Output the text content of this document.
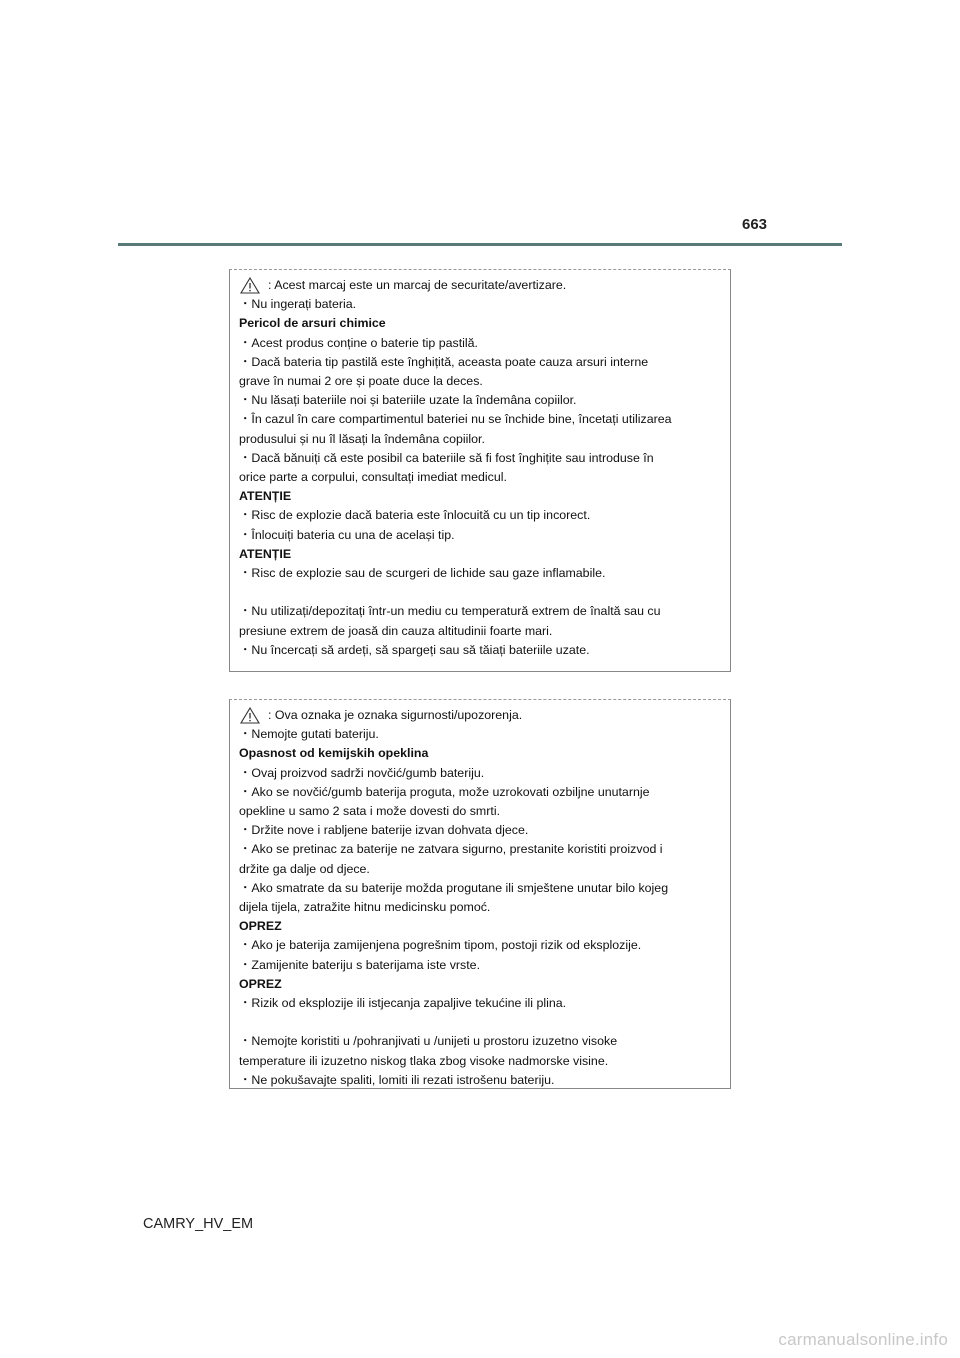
663
: Acest marcaj este un marcaj de securitate/avertizare.
・Nu ingerați bateria.
Pericol de arsuri chimice
・Acest produs conține o baterie tip pastilă.
・Dacă bateria tip pastilă este înghițită, aceasta poate cauza arsuri interne
grave în numai 2 ore și poate duce la deces.
・Nu lăsați bateriile noi și bateriile uzate la îndemâna copiilor.
・În cazul în care compartimentul bateriei nu se închide bine, încetați utilizarea
produsului și nu îl lăsați la îndemâna copiilor.
・Dacă bănuiți că este posibil ca bateriile să fi fost înghițite sau introduse în
orice parte a corpului, consultați imediat medicul.
ATENȚIE
・Risc de explozie dacă bateria este înlocuită cu un tip incorect.
・Înlocuiți bateria cu una de același tip.
ATENȚIE
・Risc de explozie sau de scurgeri de lichide sau gaze inflamabile.
・Nu utilizați/depozitați într-un mediu cu temperatură extrem de înaltă sau cu
presiune extrem de joasă din cauza altitudinii foarte mari.
・Nu încercați să ardeți, să spargeți sau să tăiați bateriile uzate.
: Ova oznaka je oznaka sigurnosti/upozorenja.
・Nemojte gutati bateriju.
Opasnost od kemijskih opeklina
・Ovaj proizvod sadrži novčić/gumb bateriju.
・Ako se novčić/gumb baterija proguta, može uzrokovati ozbiljne unutarnje
opekline u samo 2 sata i može dovesti do smrti.
・Držite nove i rabljene baterije izvan dohvata djece.
・Ako se pretinac za baterije ne zatvara sigurno, prestanite koristiti proizvod i
držite ga dalje od djece.
・Ako smatrate da su baterije možda progutane ili smještene unutar bilo kojeg
dijela tijela, zatražite hitnu medicinsku pomoć.
OPREZ
・Ako je baterija zamijenjena pogrešnim tipom, postoji rizik od eksplozije.
・Zamijenite bateriju s baterijama iste vrste.
OPREZ
・Rizik od eksplozije ili istjecanja zapaljive tekućine ili plina.
・Nemojte koristiti u /pohranjivati u /unijeti u prostoru izuzetno visoke
temperature ili izuzetno niskog tlaka zbog visoke nadmorske visine.
・Ne pokušavajte spaliti, lomiti ili rezati istrošenu bateriju.
CAMRY_HV_EM
carmanualsonline.info
